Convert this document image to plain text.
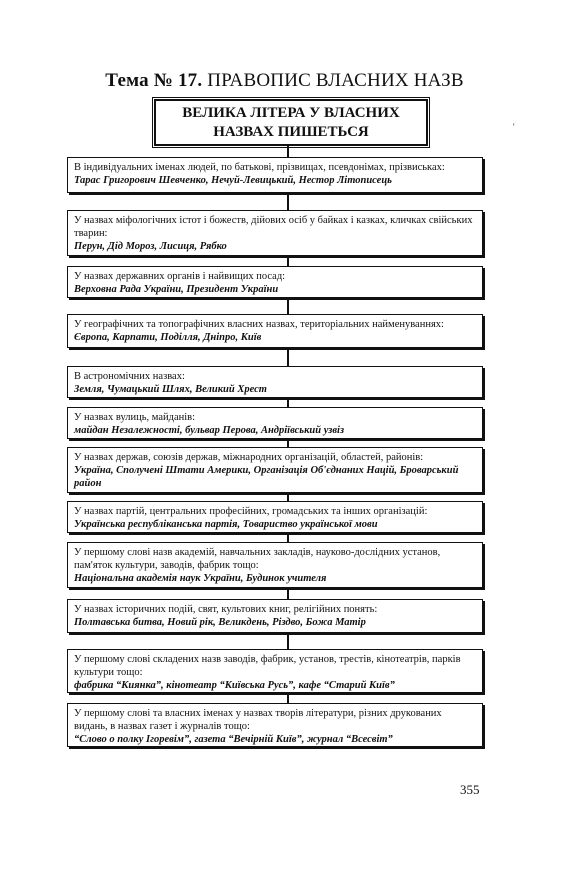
Тема № 17. ПРАВОПИС ВЛАСНИХ НАЗВ
ВЕЛИКА ЛІТЕРА У ВЛАСНИХ
НАЗВАХ ПИШЕТЬСЯ
В індивідуальних іменах людей, по батькові, прізвищах, псевдонімах, прізвиськах:
Тарас Григорович Шевченко, Нечуй-Левицький, Нестор Літописець
У назвах міфологічних істот і божеств, дійових осіб у байках і казках, кличках свійських тварин:
Перун, Дід Мороз, Лисиця, Рябко
У назвах державних органів і найвищих посад:
Верховна Рада України, Президент України
У географічних та топографічних власних назвах, територіальних найменуваннях:
Європа, Карпати, Поділля, Дніпро, Київ
В астрономічних назвах:
Земля, Чумацький Шлях, Великий Хрест
У назвах вулиць, майданів:
майдан Незалежності, бульвар Перова, Андріївський узвіз
У назвах держав, союзів держав, міжнародних організацій, областей, районів:
Україна, Сполучені Штати Америки, Організація Об'єднаних Націй, Броварський район
У назвах партій, центральних професійних, громадських та інших організацій:
Українська республіканська партія, Товариство української мови
У першому слові назв академій, навчальних закладів, науково-дослідних установ, пам'яток культури, заводів, фабрик тощо:
Національна академія наук України, Будинок учителя
У назвах історичних подій, свят, культових книг, релігійних понять:
Полтавська битва, Новий рік, Великдень, Різдво, Божа Матір
У першому слові складених назв заводів, фабрик, установ, трестів, кінотеатрів, парків культури тощо:
фабрика “Киянка”, кінотеатр “Київська Русь”, кафе “Старий Київ”
У першому слові та власних іменах у назвах творів літератури, різних друкованих видань, в назвах газет і журналів тощо:
“Слово о полку Ігоревім”, газета “Вечірній Київ”, журнал “Всесвіт”
355
ʻ
